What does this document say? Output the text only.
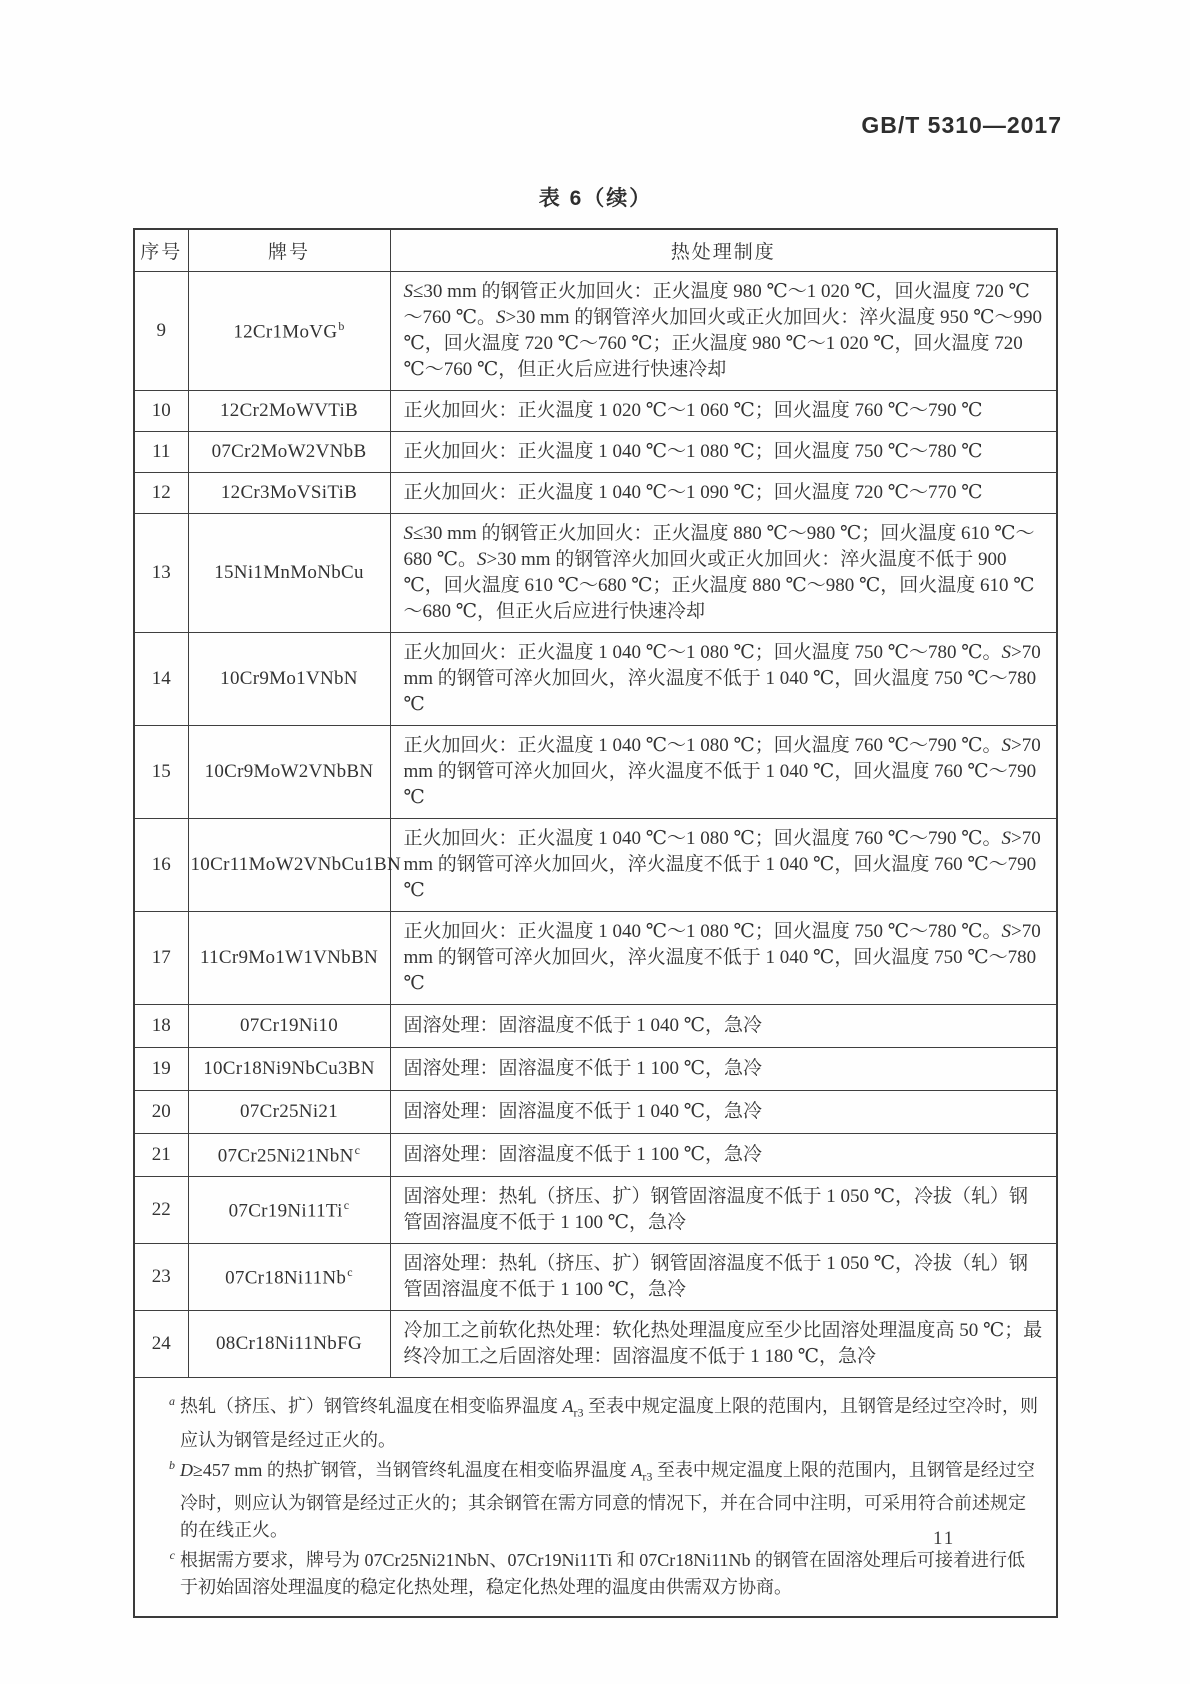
GB/T 5310—2017
表 6（续）
序号	牌号	热处理制度
9	12Cr1MoVG$^b$	S≤30 mm 的钢管正火加回火：正火温度 980 ℃～1 020 ℃，回火温度 720 ℃～760 ℃。S>30 mm 的钢管淬火加回火或正火加回火：淬火温度 950 ℃～990 ℃，回火温度 720 ℃～760 ℃；正火温度 980 ℃～1 020 ℃，回火温度 720 ℃～760 ℃，但正火后应进行快速冷却

10	12Cr2MoWVTiB	正火加回火：正火温度 1 020 ℃～1 060 ℃；回火温度 760 ℃～790 ℃

11	07Cr2MoW2VNbB	正火加回火：正火温度 1 040 ℃～1 080 ℃；回火温度 750 ℃～780 ℃

12	12Cr3MoVSiTiB	正火加回火：正火温度 1 040 ℃～1 090 ℃；回火温度 720 ℃～770 ℃

13	15Ni1MnMoNbCu	S≤30 mm 的钢管正火加回火：正火温度 880 ℃～980 ℃；回火温度 610 ℃～680 ℃。S>30 mm 的钢管淬火加回火或正火加回火：淬火温度不低于 900 ℃，回火温度 610 ℃～680 ℃；正火温度 880 ℃～980 ℃，回火温度 610 ℃～680 ℃，但正火后应进行快速冷却

14	10Cr9Mo1VNbN	正火加回火：正火温度 1 040 ℃～1 080 ℃；回火温度 750 ℃～780 ℃。S>70 mm 的钢管可淬火加回火，淬火温度不低于 1 040 ℃，回火温度 750 ℃～780 ℃

15	10Cr9MoW2VNbBN	正火加回火：正火温度 1 040 ℃～1 080 ℃；回火温度 760 ℃～790 ℃。S>70 mm 的钢管可淬火加回火，淬火温度不低于 1 040 ℃，回火温度 760 ℃～790 ℃

16	10Cr11MoW2VNbCu1BN	正火加回火：正火温度 1 040 ℃～1 080 ℃；回火温度 760 ℃～790 ℃。S>70 mm 的钢管可淬火加回火，淬火温度不低于 1 040 ℃，回火温度 760 ℃～790 ℃

17	11Cr9Mo1W1VNbBN	正火加回火：正火温度 1 040 ℃～1 080 ℃；回火温度 750 ℃～780 ℃。S>70 mm 的钢管可淬火加回火，淬火温度不低于 1 040 ℃，回火温度 750 ℃～780 ℃

18	07Cr19Ni10	固溶处理：固溶温度不低于 1 040 ℃，急冷

19	10Cr18Ni9NbCu3BN	固溶处理：固溶温度不低于 1 100 ℃，急冷

20	07Cr25Ni21	固溶处理：固溶温度不低于 1 040 ℃，急冷

21	07Cr25Ni21NbN$^c$	固溶处理：固溶温度不低于 1 100 ℃，急冷

22	07Cr19Ni11Ti$^c$	固溶处理：热轧（挤压、扩）钢管固溶温度不低于 1 050 ℃，冷拔（轧）钢管固溶温度不低于 1 100 ℃，急冷

23	07Cr18Ni11Nb$^c$	固溶处理：热轧（挤压、扩）钢管固溶温度不低于 1 050 ℃，冷拔（轧）钢管固溶温度不低于 1 100 ℃，急冷

24	08Cr18Ni11NbFG	冷加工之前软化热处理：软化热处理温度应至少比固溶处理温度高 50 ℃；最终冷加工之后固溶处理：固溶温度不低于 1 180 ℃，急冷

a 热轧（挤压、扩）钢管终轧温度在相变临界温度 $A_{r3}$ 至表中规定温度上限的范围内，且钢管是经过空冷时，则应认为钢管是经过正火的。
b D≥457 mm 的热扩钢管，当钢管终轧温度在相变临界温度 $A_{r3}$ 至表中规定温度上限的范围内，且钢管是经过空冷时，则应认为钢管是经过正火的；其余钢管在需方同意的情况下，并在合同中注明，可采用符合前述规定的在线正火。
c 根据需方要求，牌号为 07Cr25Ni21NbN、07Cr19Ni11Ti 和 07Cr18Ni11Nb 的钢管在固溶处理后可接着进行低于初始固溶处理温度的稳定化热处理，稳定化热处理的温度由供需双方协商。
11
